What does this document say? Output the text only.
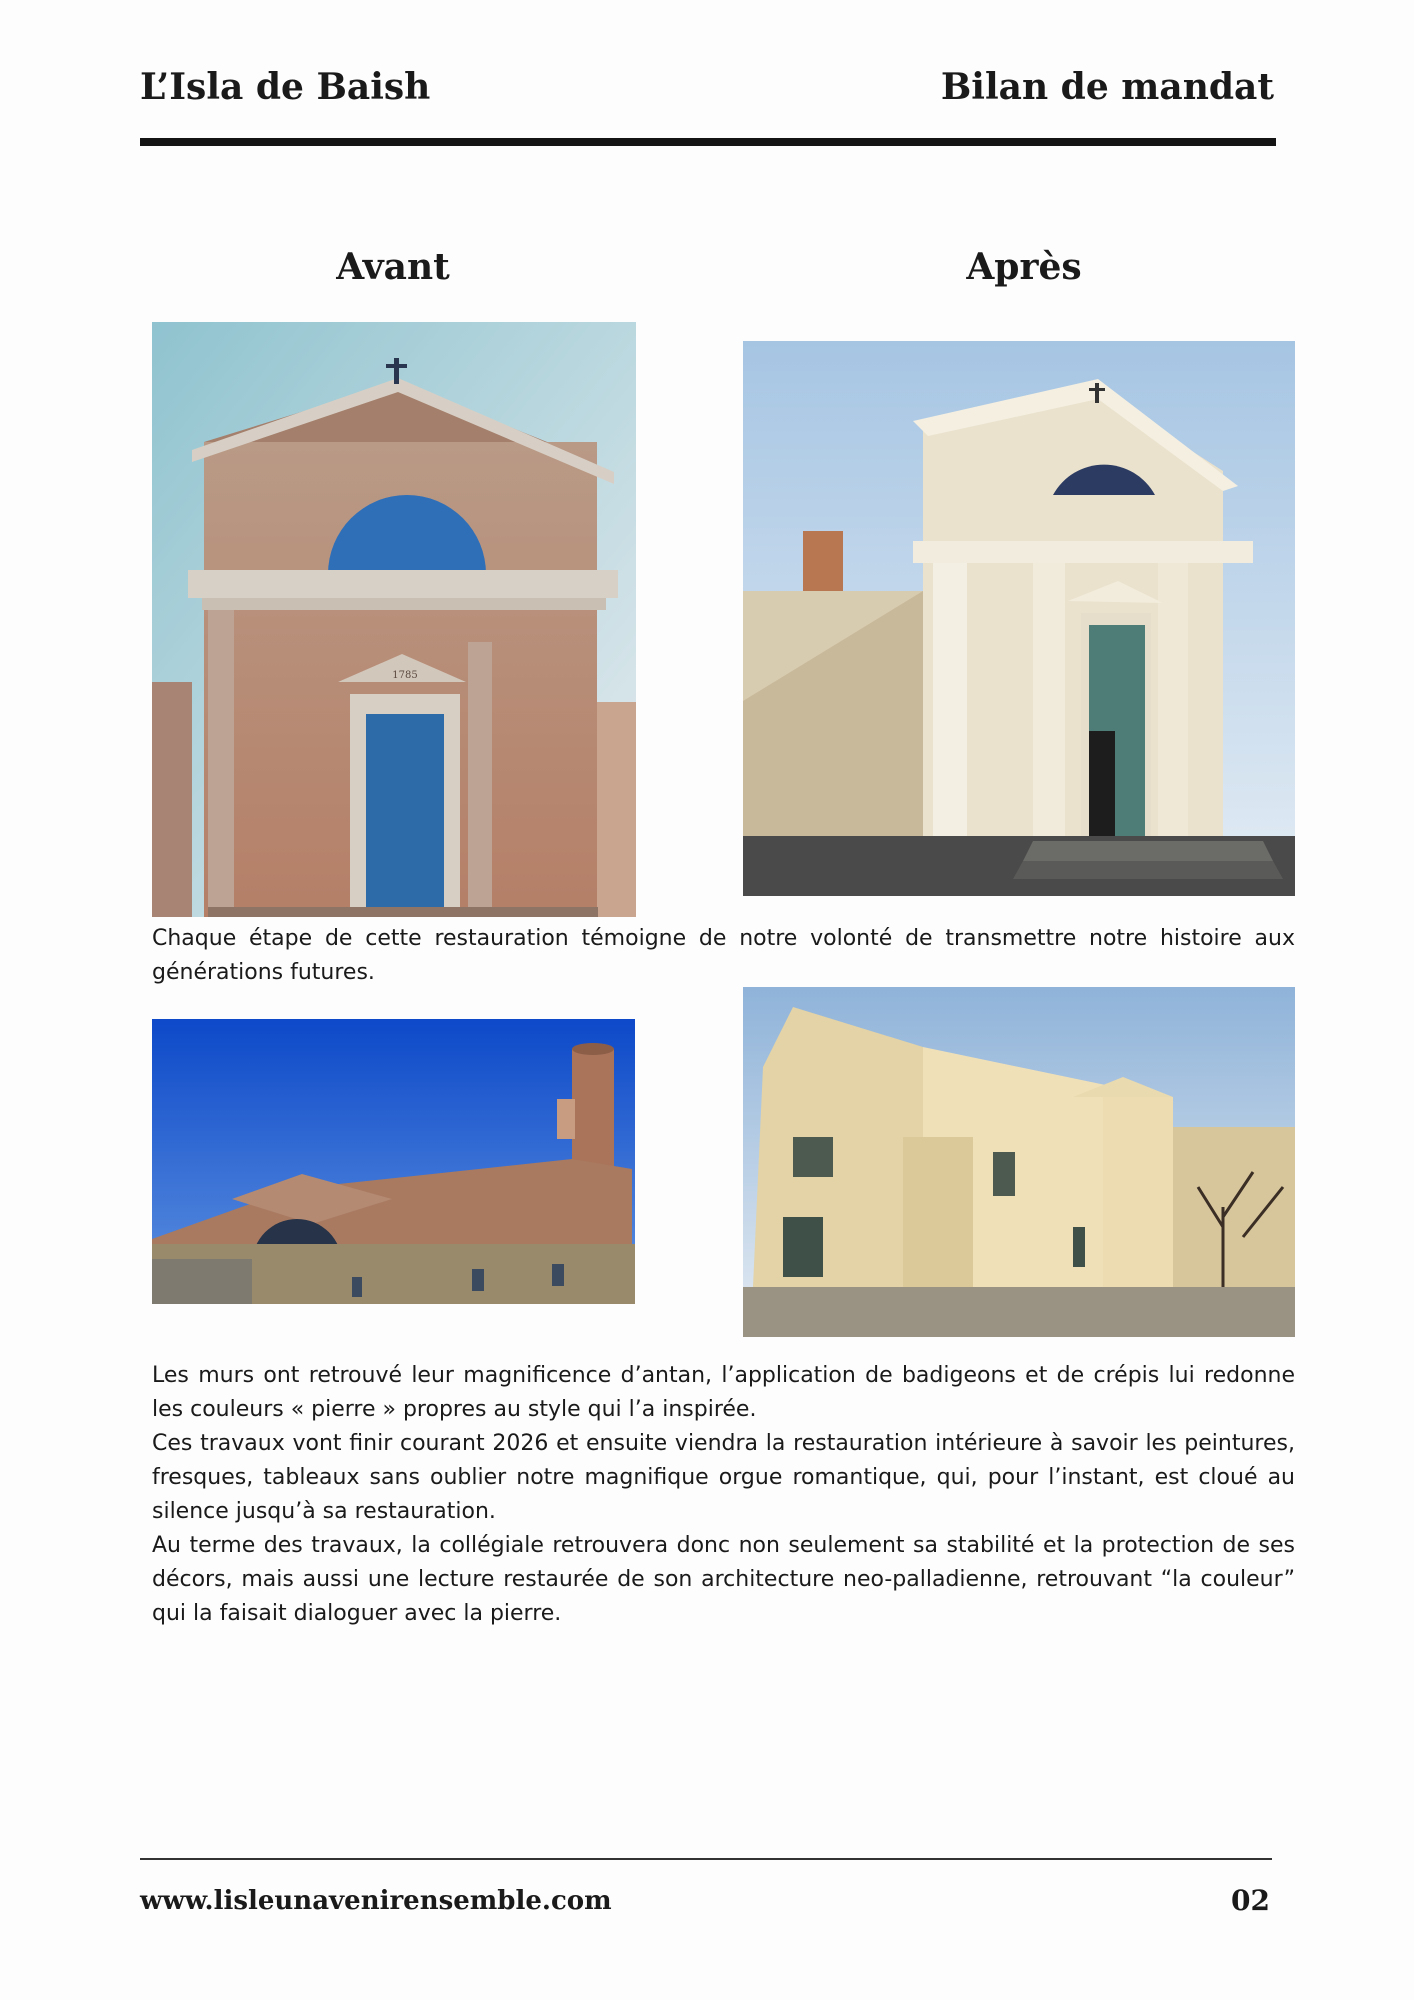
L’Isla de Baish	Bilan de mandat
Avant	Après
1785
Chaque étape de cette restauration témoigne de notre volonté de transmettre notre histoire aux générations futures.

Les murs ont retrouvé leur magnificence d’antan, l’application de badigeons et de crépis lui redonne les couleurs « pierre » propres au style qui l’a inspirée.

Ces travaux vont finir courant 2026 et ensuite viendra la restauration intérieure à savoir les peintures, fresques, tableaux sans oublier notre magnifique orgue romantique, qui, pour l’instant, est cloué au silence jusqu’à sa restauration.

Au terme des travaux, la collégiale retrouvera donc non seulement sa stabilité et la protection de ses décors, mais aussi une lecture restaurée de son architecture neo-palladienne, retrouvant “la couleur” qui la faisait dialoguer avec la pierre.

www.lisleunavenirensemble.com	02
